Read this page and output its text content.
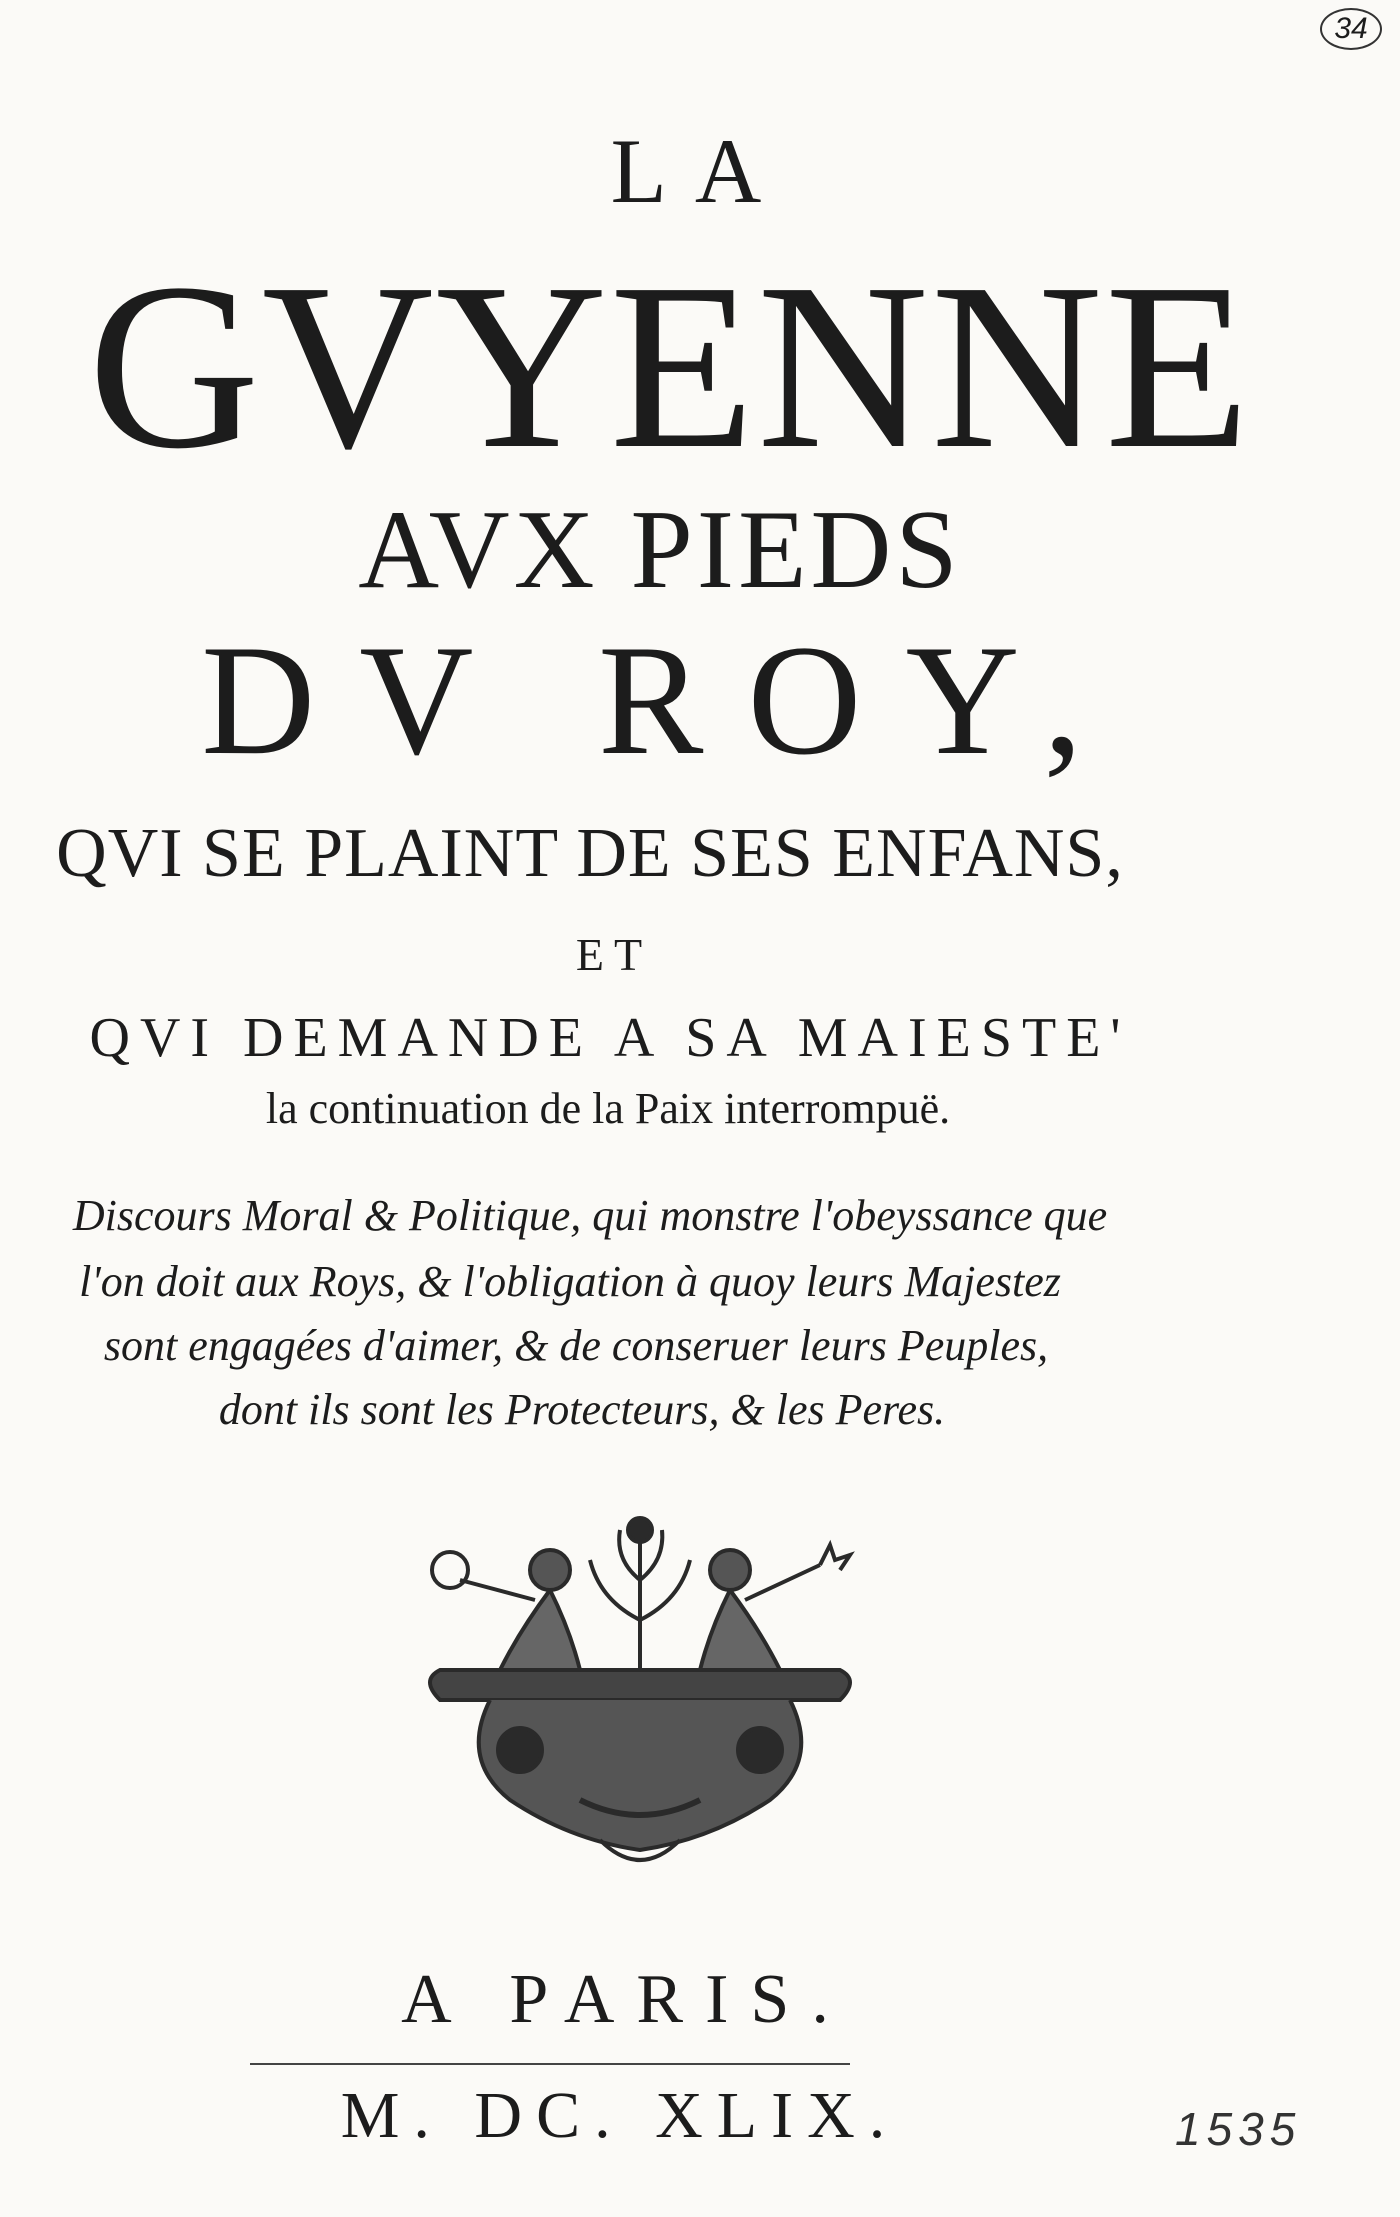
34
LA
GVYENNE
AVX PIEDS
DV ROY,
QVI SE PLAINT DE SES ENFANS,
ET
QVI DEMANDE A SA MAIESTE'
la continuation de la Paix interrompuë.
Discours Moral & Politique, qui monstre l'obeyssance que
l'on doit aux Roys, & l'obligation à quoy leurs Majestez
sont engagées d'aimer, & de conseruer leurs Peuples,
dont ils sont les Protecteurs, & les Peres.
A PARIS.
M. DC. XLIX.	1535
